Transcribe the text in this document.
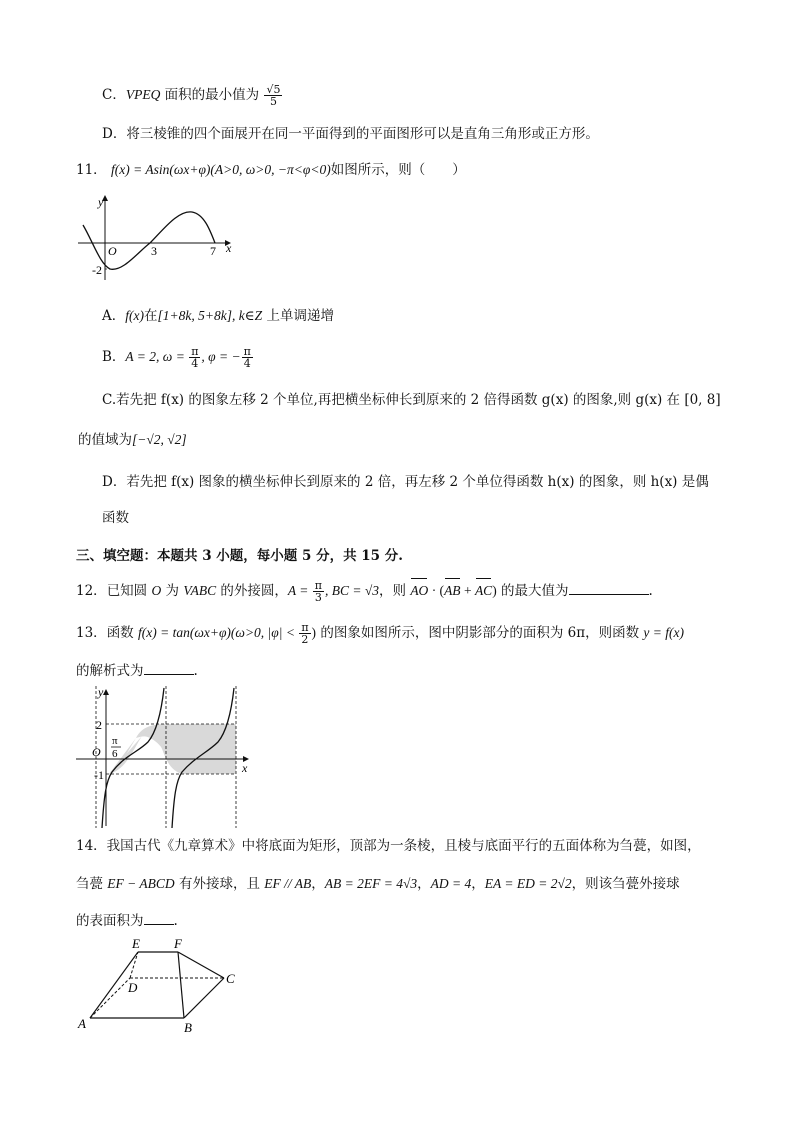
C．VPEQ 面积的最小值为 $\frac{√5}{5}$
D．将三棱锥的四个面展开在同一平面得到的平面图形可以是直角三角形或正方形。
11． f(x) = Asin(ωx+φ)(A>0, ω>0, −π<φ<0)如图所示，则（　　）
y
x
O	3	7
-2
A．f(x)在[1+8k, 5+8k], k∈Z 上单调递增
B．A = 2, $\omega = \frac{\pi}{4}$ , φ = − $\frac{\pi}{4}$
C.若先把 f(x) 的图象左移 2 个单位,再把横坐标伸长到原来的 2 倍得函数 g(x) 的图象,则 g(x) 在 [0, 8]
的值域为[−√2, √2]
D．若先把 f(x) 图象的横坐标伸长到原来的 2 倍，再左移 2 个单位得函数 h(x) 的图象，则 h(x) 是偶
函数
三、填空题：本题共 3 小题，每小题 5 分，共 15 分.
12．已知圆 O 为 VABC 的外接圆，$A = \frac{\pi}{3}$ , BC = √3，则 AO · (AB + AC) 的最大值为	.
13．函数 f(x) = tan(ωx+φ)(ω>0, $|\varphi| < \frac{\pi}{2}$ ) 的图象如图所示，图中阴影部分的面积为 6π，则函数 y = f(x)
的解析式为	.
y
x
O
2
-1
π
6
14．我国古代《九章算术》中将底面为矩形，顶部为一条棱，且棱与底面平行的五面体称为刍甍，如图，
刍甍 EF − ABCD 有外接球，且 EF // AB，AB = 2EF = 4√3，AD = 4，EA = ED = 2√2，则该刍甍外接球
的表面积为 .
E	F
C
D
A	B
